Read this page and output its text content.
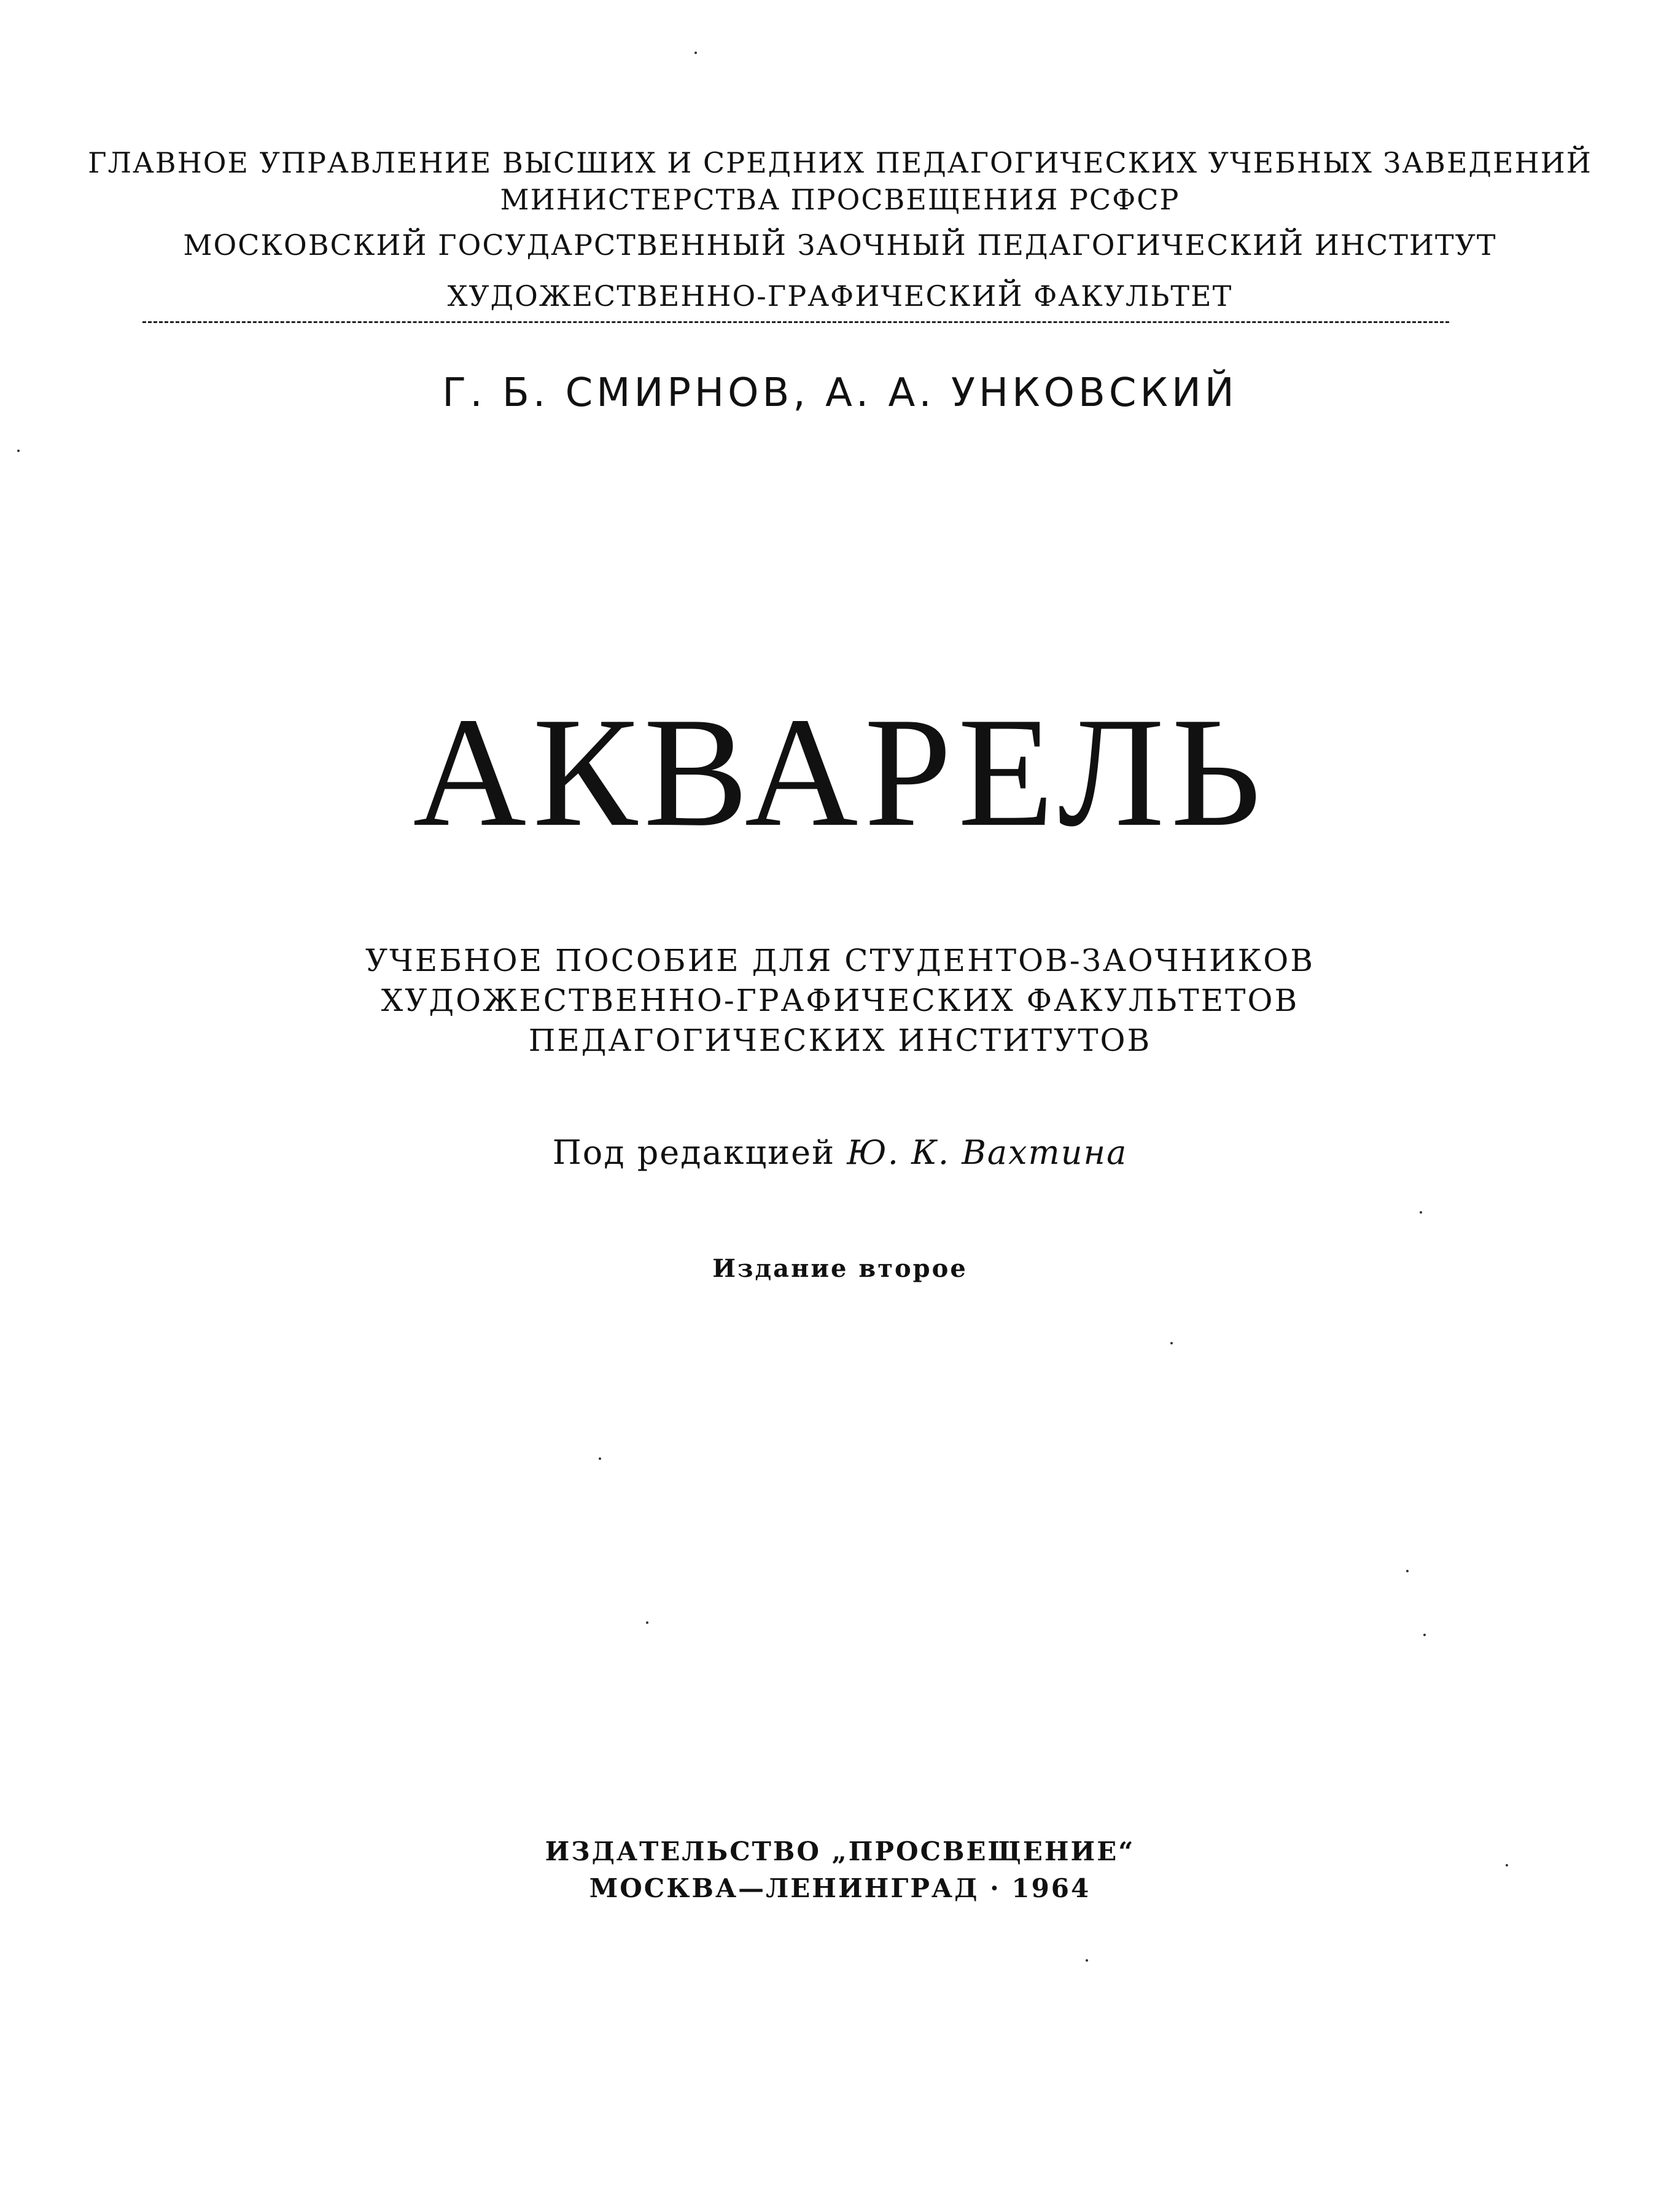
ГЛАВНОЕ УПРАВЛЕНИЕ ВЫСШИХ И СРЕДНИХ ПЕДАГОГИЧЕСКИХ УЧЕБНЫХ ЗАВЕДЕНИЙ
МИНИСТЕРСТВА ПРОСВЕЩЕНИЯ РСФСР
МОСКОВСКИЙ ГОСУДАРСТВЕННЫЙ ЗАОЧНЫЙ ПЕДАГОГИЧЕСКИЙ ИНСТИТУТ
ХУДОЖЕСТВЕННО-ГРАФИЧЕСКИЙ ФАКУЛЬТЕТ
Г. Б. СМИРНОВ, А. А. УНКОВСКИЙ
АКВАРЕЛЬ
УЧЕБНОЕ ПОСОБИЕ ДЛЯ СТУДЕНТОВ-ЗАОЧНИКОВ
ХУДОЖЕСТВЕННО-ГРАФИЧЕСКИХ ФАКУЛЬТЕТОВ
ПЕДАГОГИЧЕСКИХ ИНСТИТУТОВ
Под редакцией Ю. К. Вахтина
Издание второе
ИЗДАТЕЛЬСТВО „ПРОСВЕЩЕНИЕ“
МОСКВА—ЛЕНИНГРАД · 1964
